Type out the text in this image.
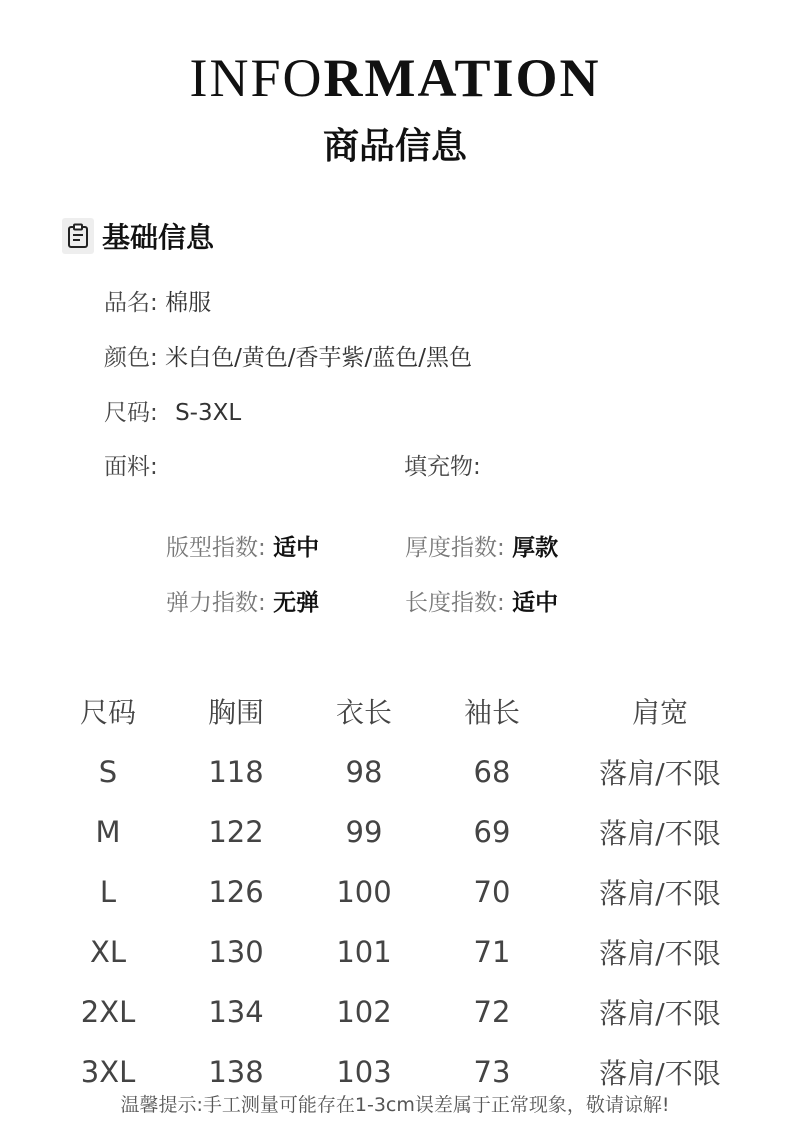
INFORMATION
商品信息
基础信息
品名: 棉服
颜色: 米白色/黄色/香芋紫/蓝色/黑色
尺码: S-3XL
面料:	填充物:
版型指数: 适中	厚度指数: 厚款
弹力指数: 无弹	长度指数: 适中
尺码	胸围	衣长	袖长	肩宽
S	118	98	68	落肩/不限
M	122	99	69	落肩/不限
L	126	100	70	落肩/不限
XL	130	101	71	落肩/不限
2XL	134	102	72	落肩/不限
3XL	138	103	73	落肩/不限
温馨提示:手工测量可能存在1-3cm误差属于正常现象，敬请谅解!
